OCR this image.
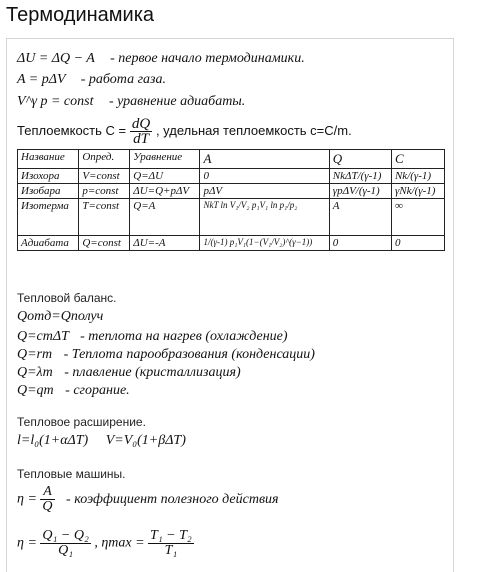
Термодинамика
ΔU = ΔQ − A - первое начало термодинамики.
A = pΔV - работа газа.
V^γ p = const - уравнение адиабаты.
Теплоемкость $C = \frac{dQ}{dT}$ , удельная теплоемкость c=C/m.
Название	Опред.	Уравнение	A	Q	C
Изохора	V=const	Q=ΔU	0	NkΔT/(γ-1)	Nk/(γ-1)
Изобара	p=const	ΔU=Q+pΔV	pΔV	γpΔV/(γ-1)	γNk/(γ-1)
Изотерма	T=const	Q=A	NkT ln V₁/V₂ p₁V₁ ln p₁/p₂	A	∞
Адиабата	Q=const	ΔU=-A	1/(γ-1) p₁V₁(1−(V₁/V₂)^(γ−1))	0	0
Тепловой баланс.
Qотд=Qполуч
Q=cmΔT - теплота на нагрев (охлаждение)
Q=rm - Теплота парообразования (конденсации)
Q=λm - плавление (кристаллизация)
Q=qm - сгорание.
Тепловое расширение.
l=l₀(1+αΔT) V=V₀(1+βΔT)
Тепловые машины.
$\eta = \frac{A}{Q}$ - коэффициент полезного действия
$\eta = \frac{\text{Q₁ − Q₂}}{\text{Q₁}}$ , $\eta\max = \frac{\text{T₁ − T₂}}{\text{T₁}}$
